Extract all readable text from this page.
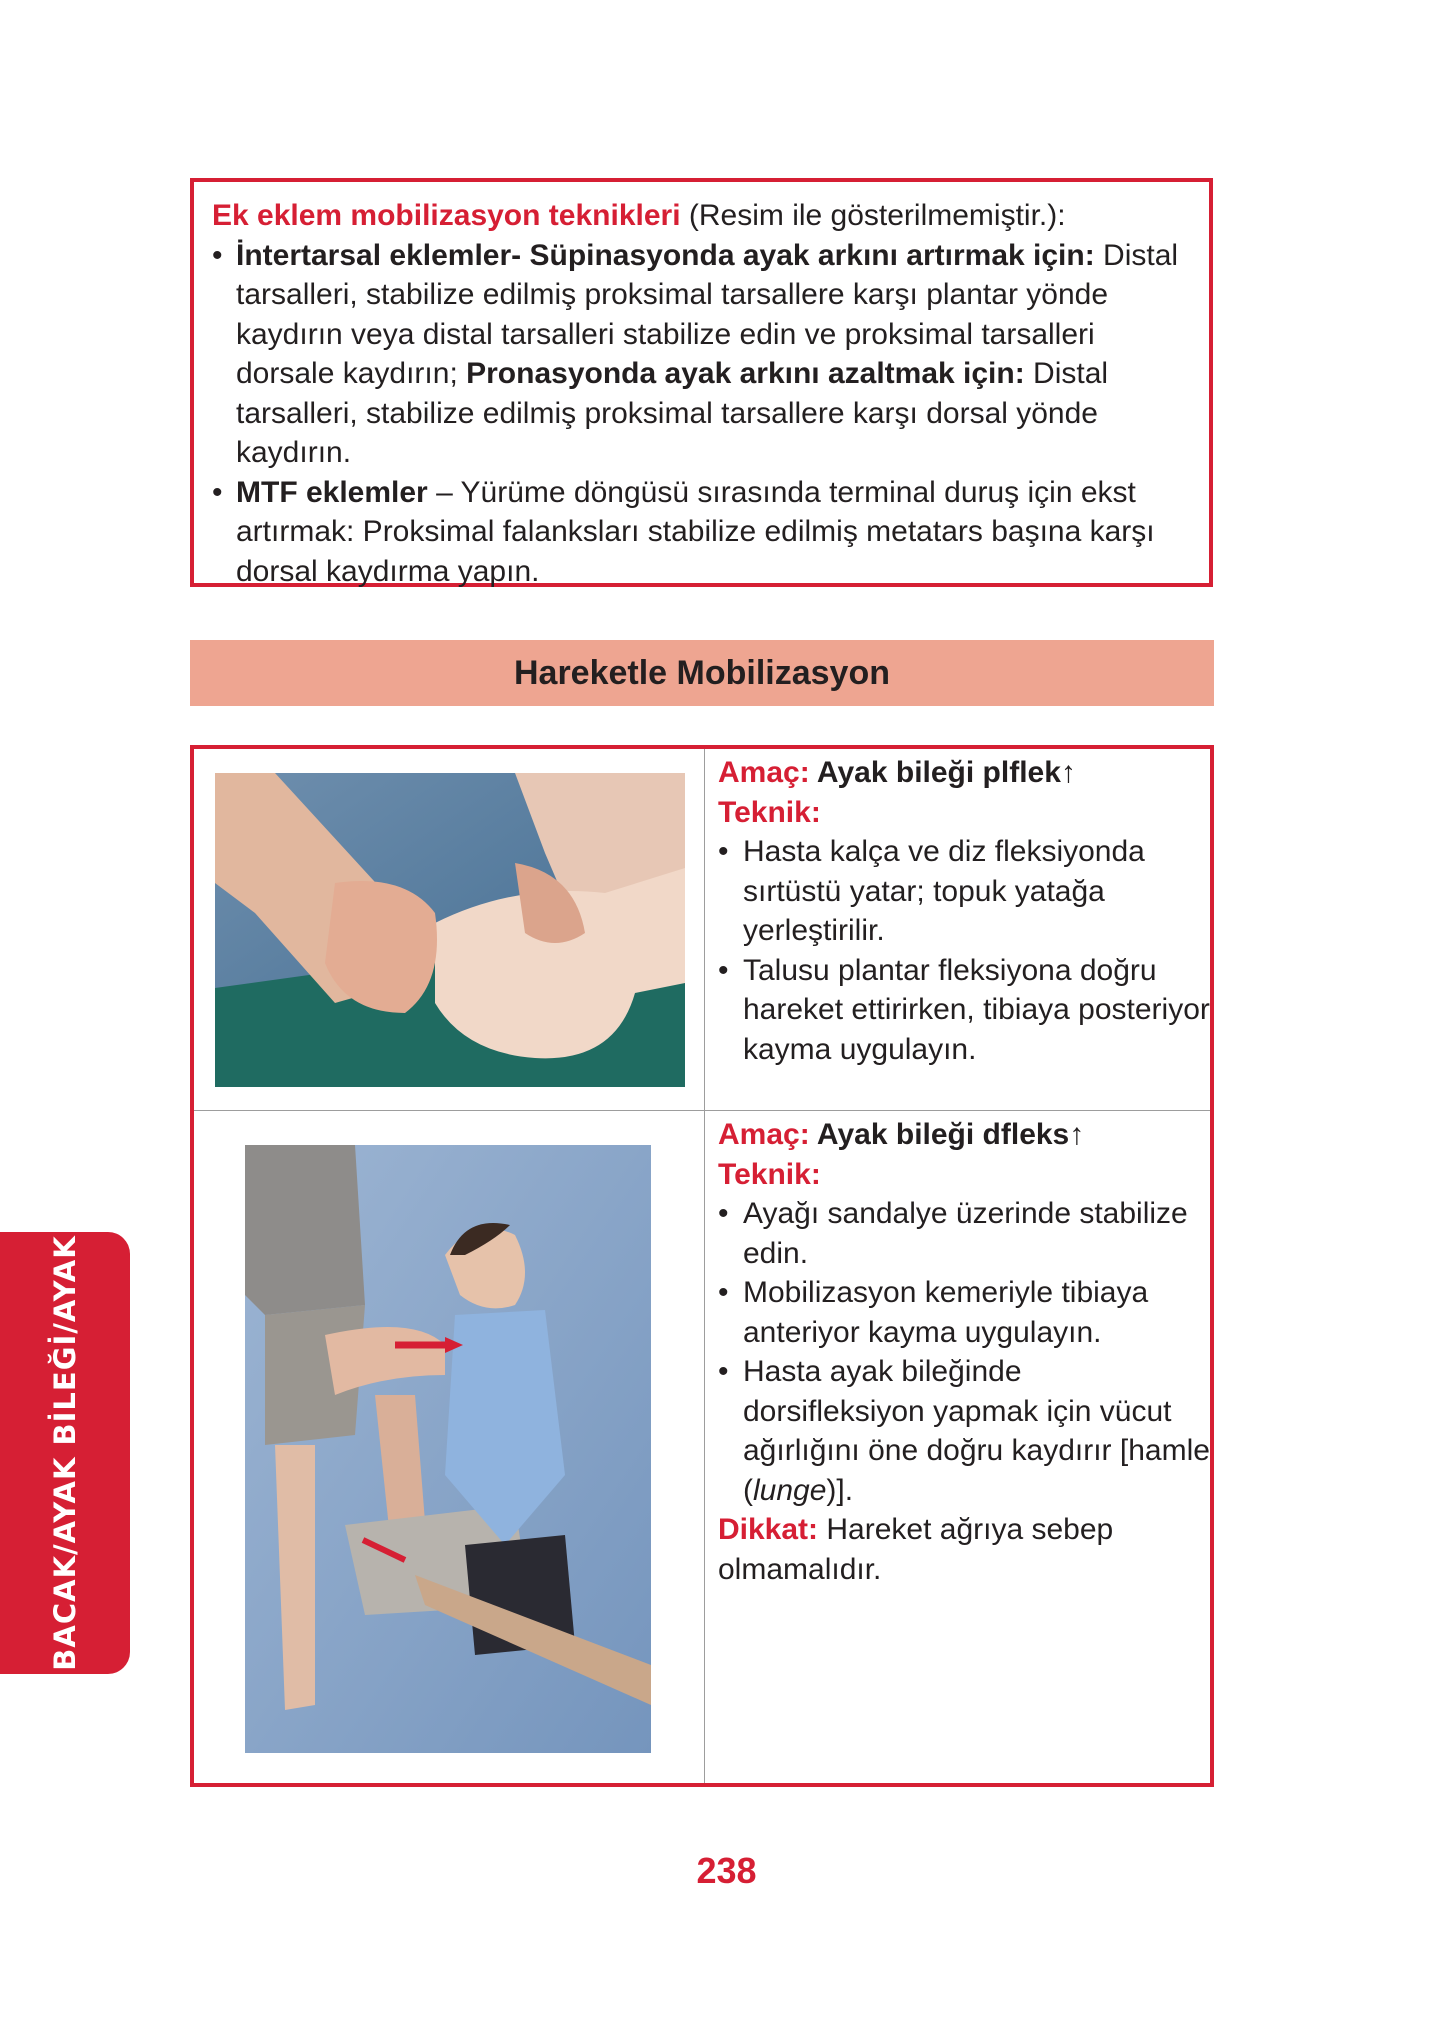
Ek eklem mobilizasyon teknikleri (Resim ile gösterilmemiştir.):

• İntertarsal eklemler- Süpinasyonda ayak arkını artırmak için: Distal tarsalleri, stabilize edilmiş proksimal tarsallere karşı plantar yönde kaydırın veya distal tarsalleri stabilize edin ve proksimal tarsalleri dorsale kaydırın; Pronasyonda ayak arkını azaltmak için: Distal tarsalleri, stabilize edilmiş proksimal tarsallere karşı dorsal yönde kaydırın.
• MTF eklemler – Yürüme döngüsü sırasında terminal duruş için ekst artırmak: Proksimal falanksları stabilize edilmiş metatars başına karşı dorsal kaydırma yapın.
Hareketle Mobilizasyon
Amaç: Ayak bileği plflek↑
Teknik:
• Hasta kalça ve diz fleksiyonda sırtüstü yatar; topuk yatağa yerleştirilir.
• Talusu plantar fleksiyona doğru hareket ettirirken, tibiaya posteriyor kayma uygulayın.
Amaç: Ayak bileği dfleks↑
Teknik:
• Ayağı sandalye üzerinde stabilize edin.
• Mobilizasyon kemeriyle tibiaya anteriyor kayma uygulayın.
• Hasta ayak bileğinde dorsifleksiyon yapmak için vücut ağırlığını öne doğru kaydırır [hamle (lunge)].
Dikkat: Hareket ağrıya sebep olmamalıdır.
BACAK/AYAK BİLEĞİ/AYAK
238
